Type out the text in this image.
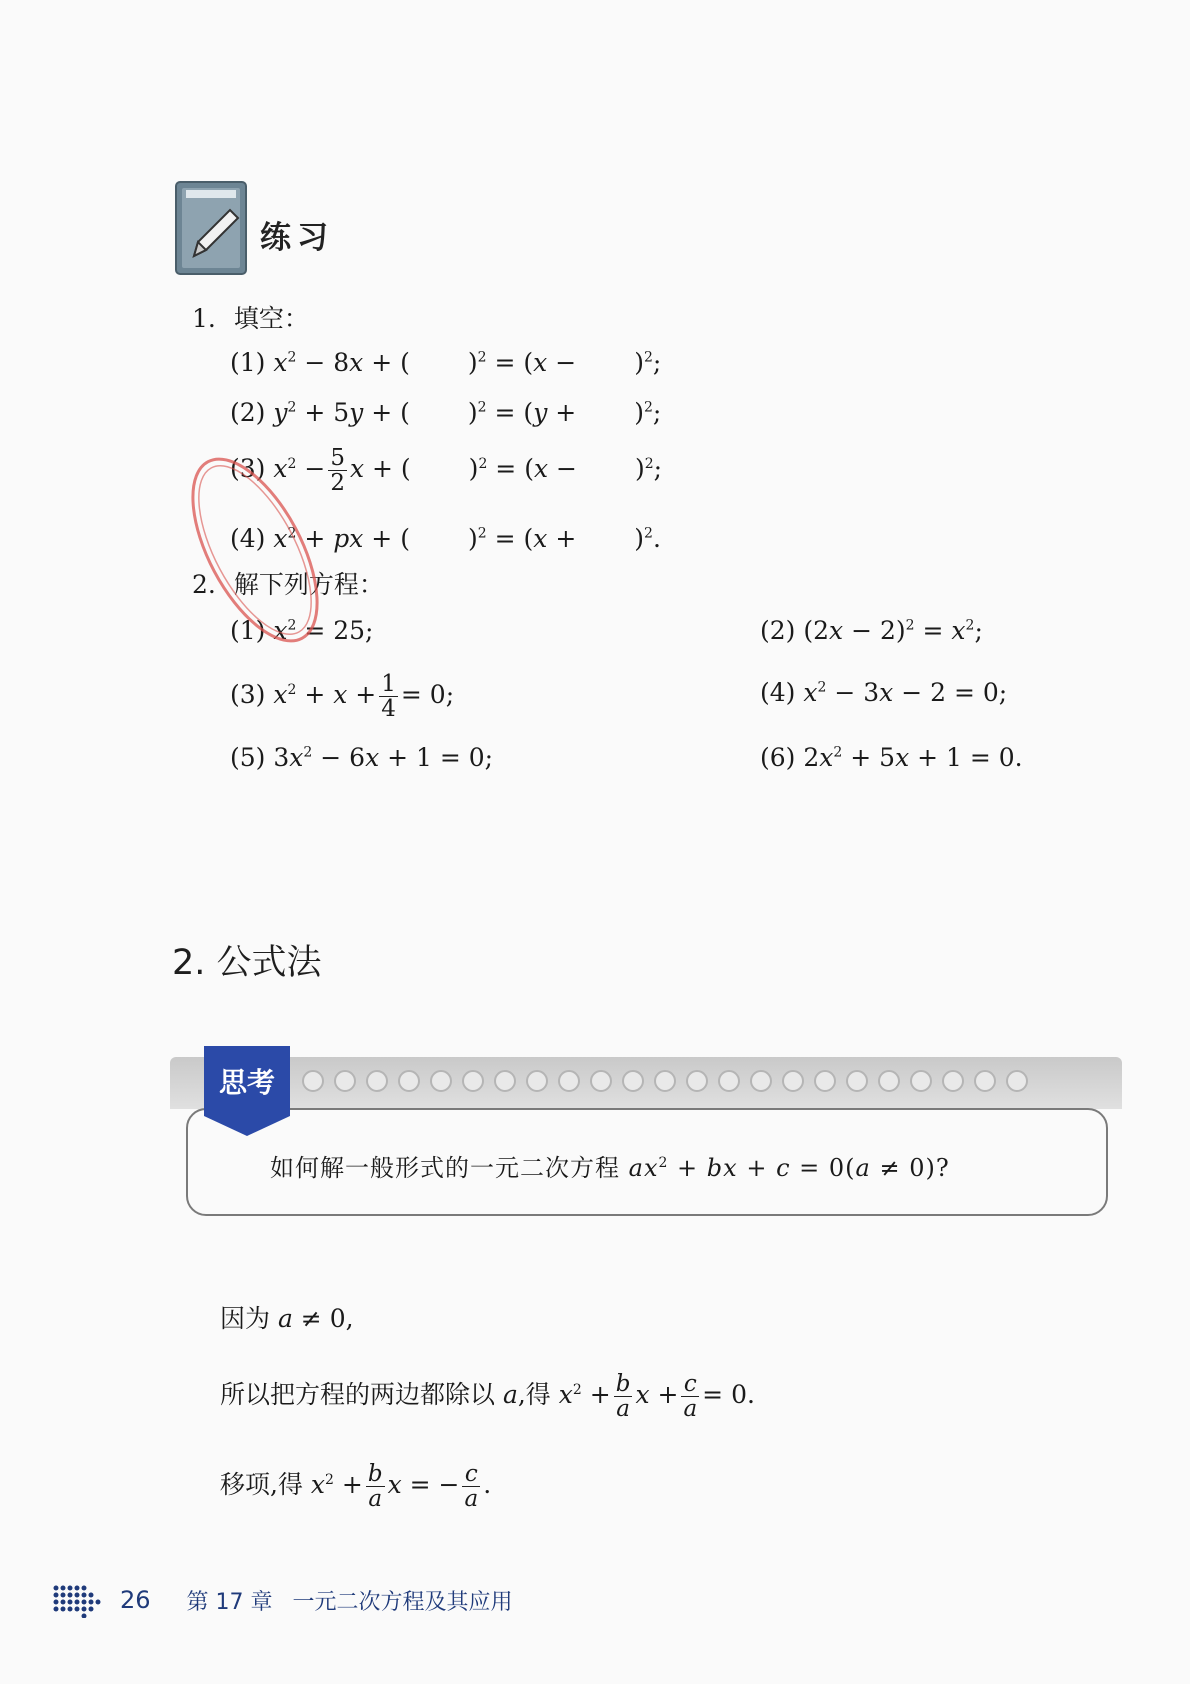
练习
1. 填空：
(1) $x^2 - 8x$ + ( )$^2 = (x - )^2$;
(2) $y^2 + 5y$ + ( )$^2 = (y + )^2$;
(3) $x^2 - \frac{5}{2}$ x + ( )$^2 = (x - )^2$;
(4) $x^2$ + px + ( )$^2 = (x + )^2$.
2. 解下列方程：
(1) $x^2 = 25$;	(2) $(2x - 2)^2 = x^2$;
(3) $x^2 + x + \frac{1}{4} = 0$;	(4) $x^2 - 3x - 2 = 0$;
(5) $3x^2 - 6x + 1 = 0$;	(6) $2x^2 + 5x + 1 = 0$.
2. 公式法
思考
如何解一般形式的一元二次方程 $ax^2$ + bx + c = 0(a ≠ 0)?
因为 a ≠ 0,
所以把方程的两边都除以 a,得 $x^2 + \frac{b}{a}$ $x + \frac{c}{a} = 0$.
移项,得 $x^2 + \frac{b}{a}$ x = − $\frac{c}{a}$ .
26 第 17 章 一元二次方程及其应用
